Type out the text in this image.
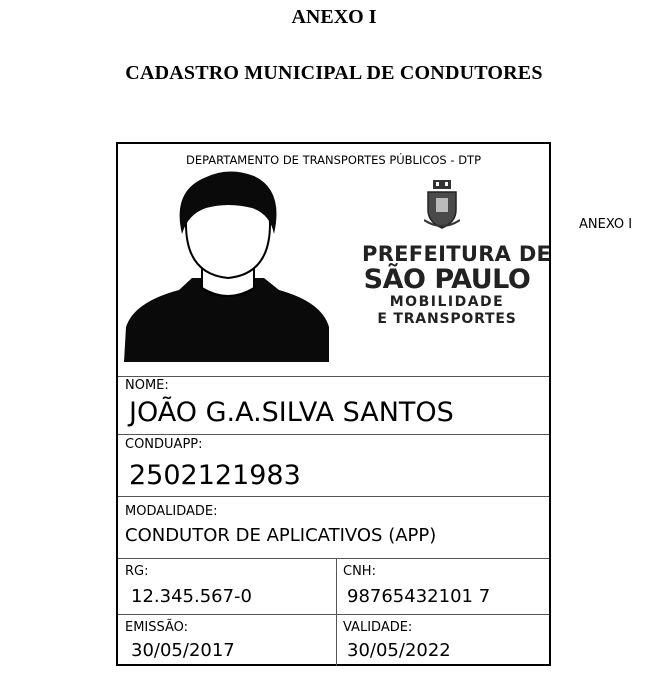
ANEXO I
CADASTRO MUNICIPAL DE CONDUTORES
ANEXO I
DEPARTAMENTO DE TRANSPORTES PÚBLICOS - DTP
PREFEITURA DE
SÃO PAULO
MOBILIDADE
E TRANSPORTES
NOME:
JOÃO G.A.SILVA SANTOS
CONDUAPP:
2502121983
MODALIDADE:
CONDUTOR DE APLICATIVOS (APP)
RG:
12.345.567-0
CNH:
98765432101 7
EMISSÃO:
30/05/2017
VALIDADE:
30/05/2022
